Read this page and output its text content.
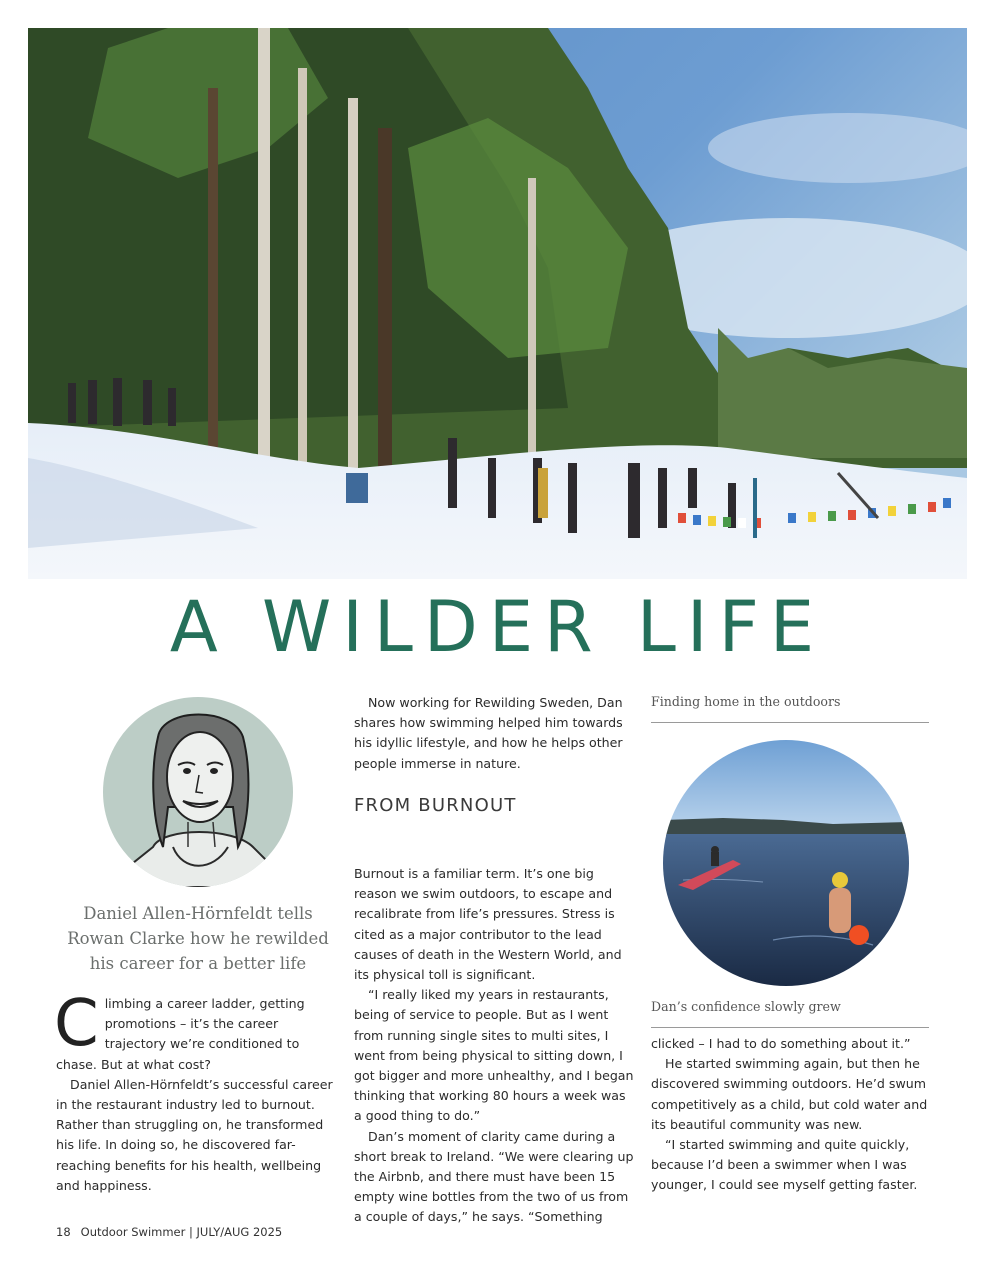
A WILDER LIFE
Daniel Allen-Hörnfeldt tells Rowan Clarke how he rewilded his career for a better life

Climbing a career ladder, getting promotions – it’s the career trajectory we’re conditioned to chase. But at what cost?

Daniel Allen-Hörnfeldt’s successful career in the restaurant industry led to burnout. Rather than struggling on, he transformed his life. In doing so, he discovered far-reaching benefits for his health, wellbeing and happiness.

Now working for Rewilding Sweden, Dan shares how swimming helped him towards his idyllic lifestyle, and how he helps other people immerse in nature.

FROM BURNOUT

Burnout is a familiar term. It’s one big reason we swim outdoors, to escape and recalibrate from life’s pressures. Stress is cited as a major contributor to the lead causes of death in the Western World, and its physical toll is significant.

“I really liked my years in restaurants, being of service to people. But as I went from running single sites to multi sites, I went from being physical to sitting down, I got bigger and more unhealthy, and I began thinking that working 80 hours a week was a good thing to do.”

Dan’s moment of clarity came during a short break to Ireland. “We were clearing up the Airbnb, and there must have been 15 empty wine bottles from the two of us from a couple of days,” he says. “Something

Finding home in the outdoors
Dan’s confidence slowly grew

clicked – I had to do something about it.”

He started swimming again, but then he discovered swimming outdoors. He’d swum competitively as a child, but cold water and its beautiful community was new.

“I started swimming and quite quickly, because I’d been a swimmer when I was younger, I could see myself getting faster.

18 Outdoor Swimmer | JULY/AUG 2025
